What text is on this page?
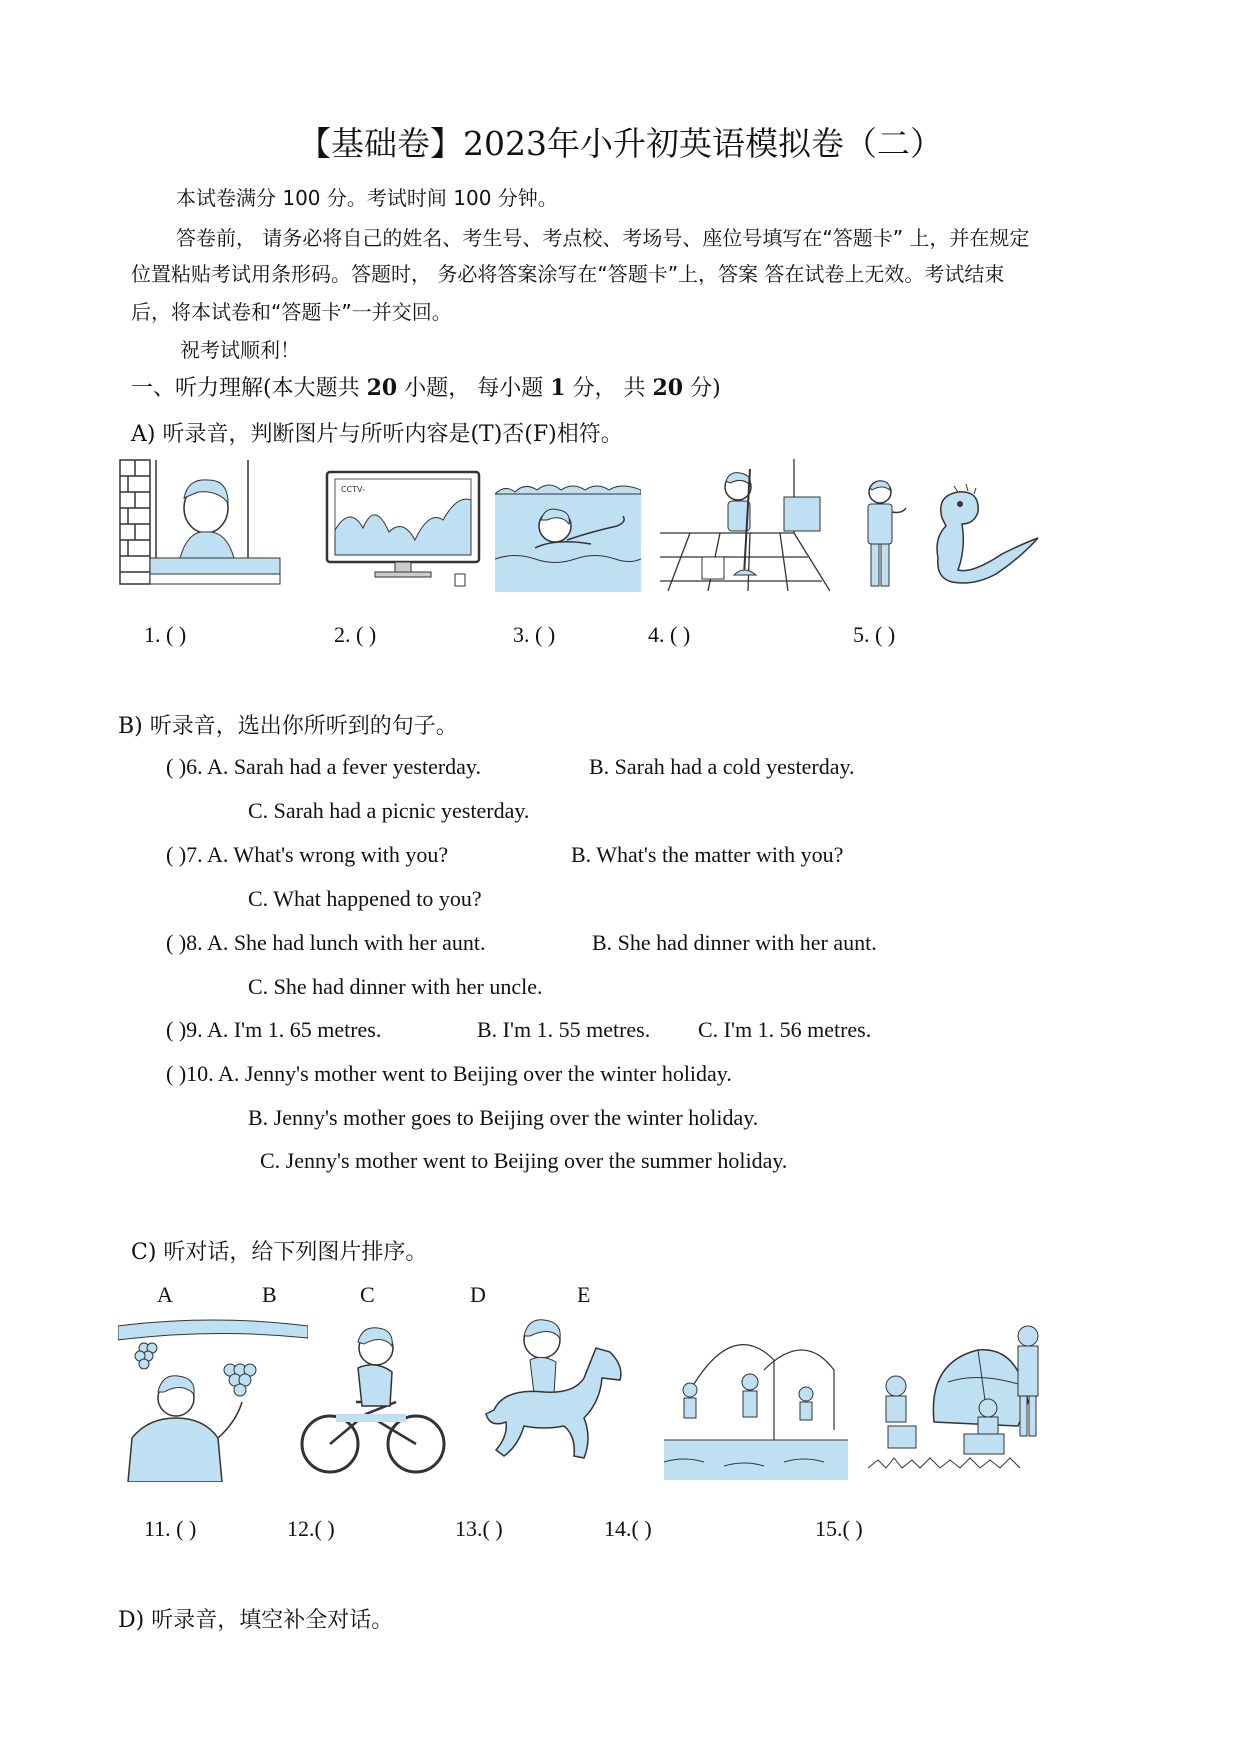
【基础卷】2023年小升初英语模拟卷（二）
本试卷满分 100 分。考试时间 100 分钟。
答卷前， 请务必将自己的姓名、考生号、考点校、考场号、座位号填写在“答题卡” 上，并在规定
位置粘贴考试用条形码。答题时， 务必将答案涂写在“答题卡”上，答案 答在试卷上无效。考试结束
后，将本试卷和“答题卡”一并交回。
祝考试顺利！
一、听力理解(本大题共 20 小题， 每小题 1 分， 共 20 分)
A) 听录音，判断图片与所听内容是(T)否(F)相符。
CCTV-
1. ( )	2. ( )	3. ( )	4. ( )	5. ( )
B) 听录音，选出你所听到的句子。
( )6. A. Sarah had a fever yesterday.	B. Sarah had a cold yesterday.
C. Sarah had a picnic yesterday.
( )7. A. What's wrong with you?	B. What's the matter with you?
C. What happened to you?
( )8. A. She had lunch with her aunt.	B. She had dinner with her aunt.
C. She had dinner with her uncle.
( )9. A. I'm 1. 65 metres.	B. I'm 1. 55 metres. C. I'm 1. 56 metres.
( )10. A. Jenny's mother went to Beijing over the winter holiday.
B. Jenny's mother goes to Beijing over the winter holiday.
C. Jenny's mother went to Beijing over the summer holiday.
C) 听对话，给下列图片排序。
A	B	C	D	E
11. ( )	12.( )	13.( )	14.( )	15.( )
D) 听录音，填空补全对话。
